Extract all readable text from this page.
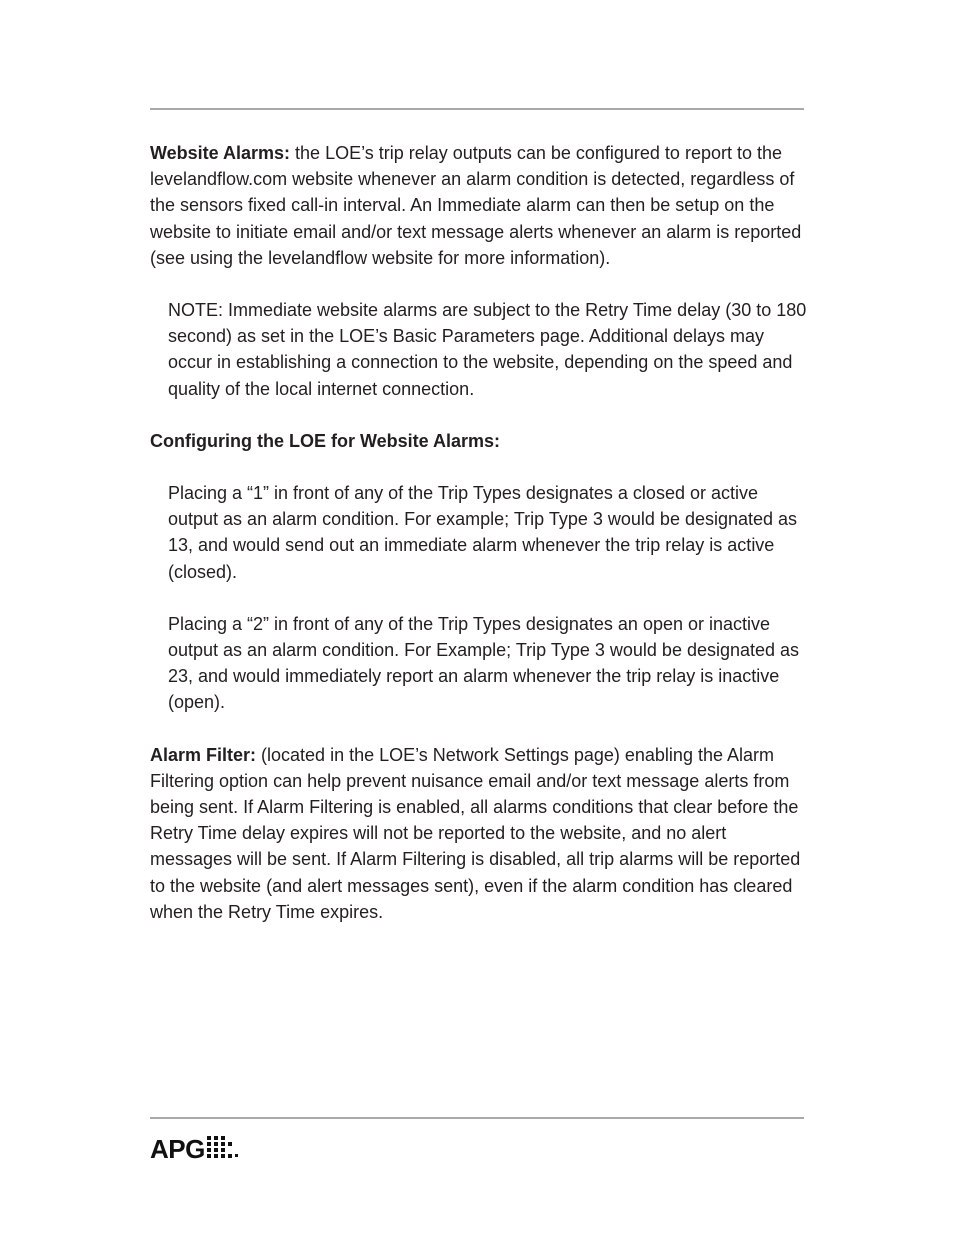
Website Alarms: the LOE’s trip relay outputs can be configured to report to the levelandflow.com website whenever an alarm condition is detected, regardless of the sensors fixed call-in interval. An Immediate alarm can then be setup on the website to initiate email and/or text message alerts whenever an alarm is reported (see using the levelandflow website for more information).

NOTE: Immediate website alarms are subject to the Retry Time delay (30 to 180 second) as set in the LOE’s Basic Parameters page. Additional delays may occur in establishing a connection to the website, depending on the speed and quality of the local internet connection.

Configuring the LOE for Website Alarms:

Placing a “1” in front of any of the Trip Types designates a closed or active output as an alarm condition. For example; Trip Type 3 would be designated as 13, and would send out an immediate alarm whenever the trip relay is active (closed).

Placing a “2” in front of any of the Trip Types designates an open or inactive output as an alarm condition. For Example; Trip Type 3 would be designated as 23, and would immediately report an alarm whenever the trip relay is inactive (open).

Alarm Filter: (located in the LOE’s Network Settings page) enabling the Alarm Filtering option can help prevent nuisance email and/or text message alerts from being sent. If Alarm Filtering is enabled, all alarms conditions that clear before the Retry Time delay expires will not be reported to the website, and no alert messages will be sent. If Alarm Filtering is disabled, all trip alarms will be reported to the website (and alert messages sent), even if the alarm condition has cleared when the Retry Time expires.

APG
